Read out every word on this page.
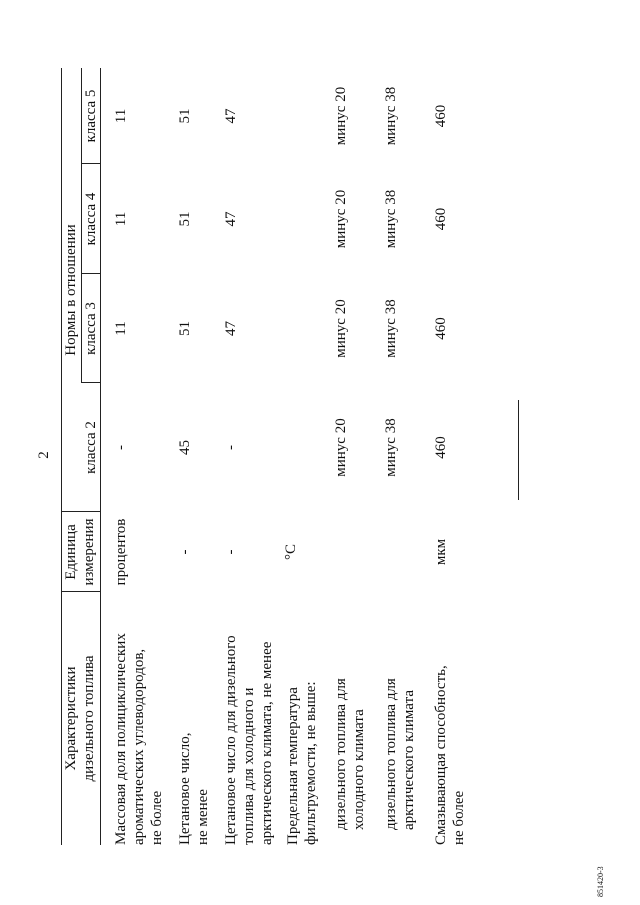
2
Характеристики дизельного топлива
Единица измерения
Нормы в отношении
класса 2
класса 3
класса 4
класса 5
Массовая доля полициклических ароматических углеводородов, не более
процентов
-
11
11
11
Цетановое число, не менее
-
45
51
51
51
Цетановое число для дизельного топлива для холодного и арктического климата, не менее
-
-
47
47
47
Предельная температура фильтруемости, не выше:
°C
дизельного топлива для холодного климата
минус 20
минус 20
минус 20
минус 20
дизельного топлива для арктического климата
минус 38
минус 38
минус 38
минус 38
Смазывающая способность, не более
мкм
460
460
460
460
851420-3
